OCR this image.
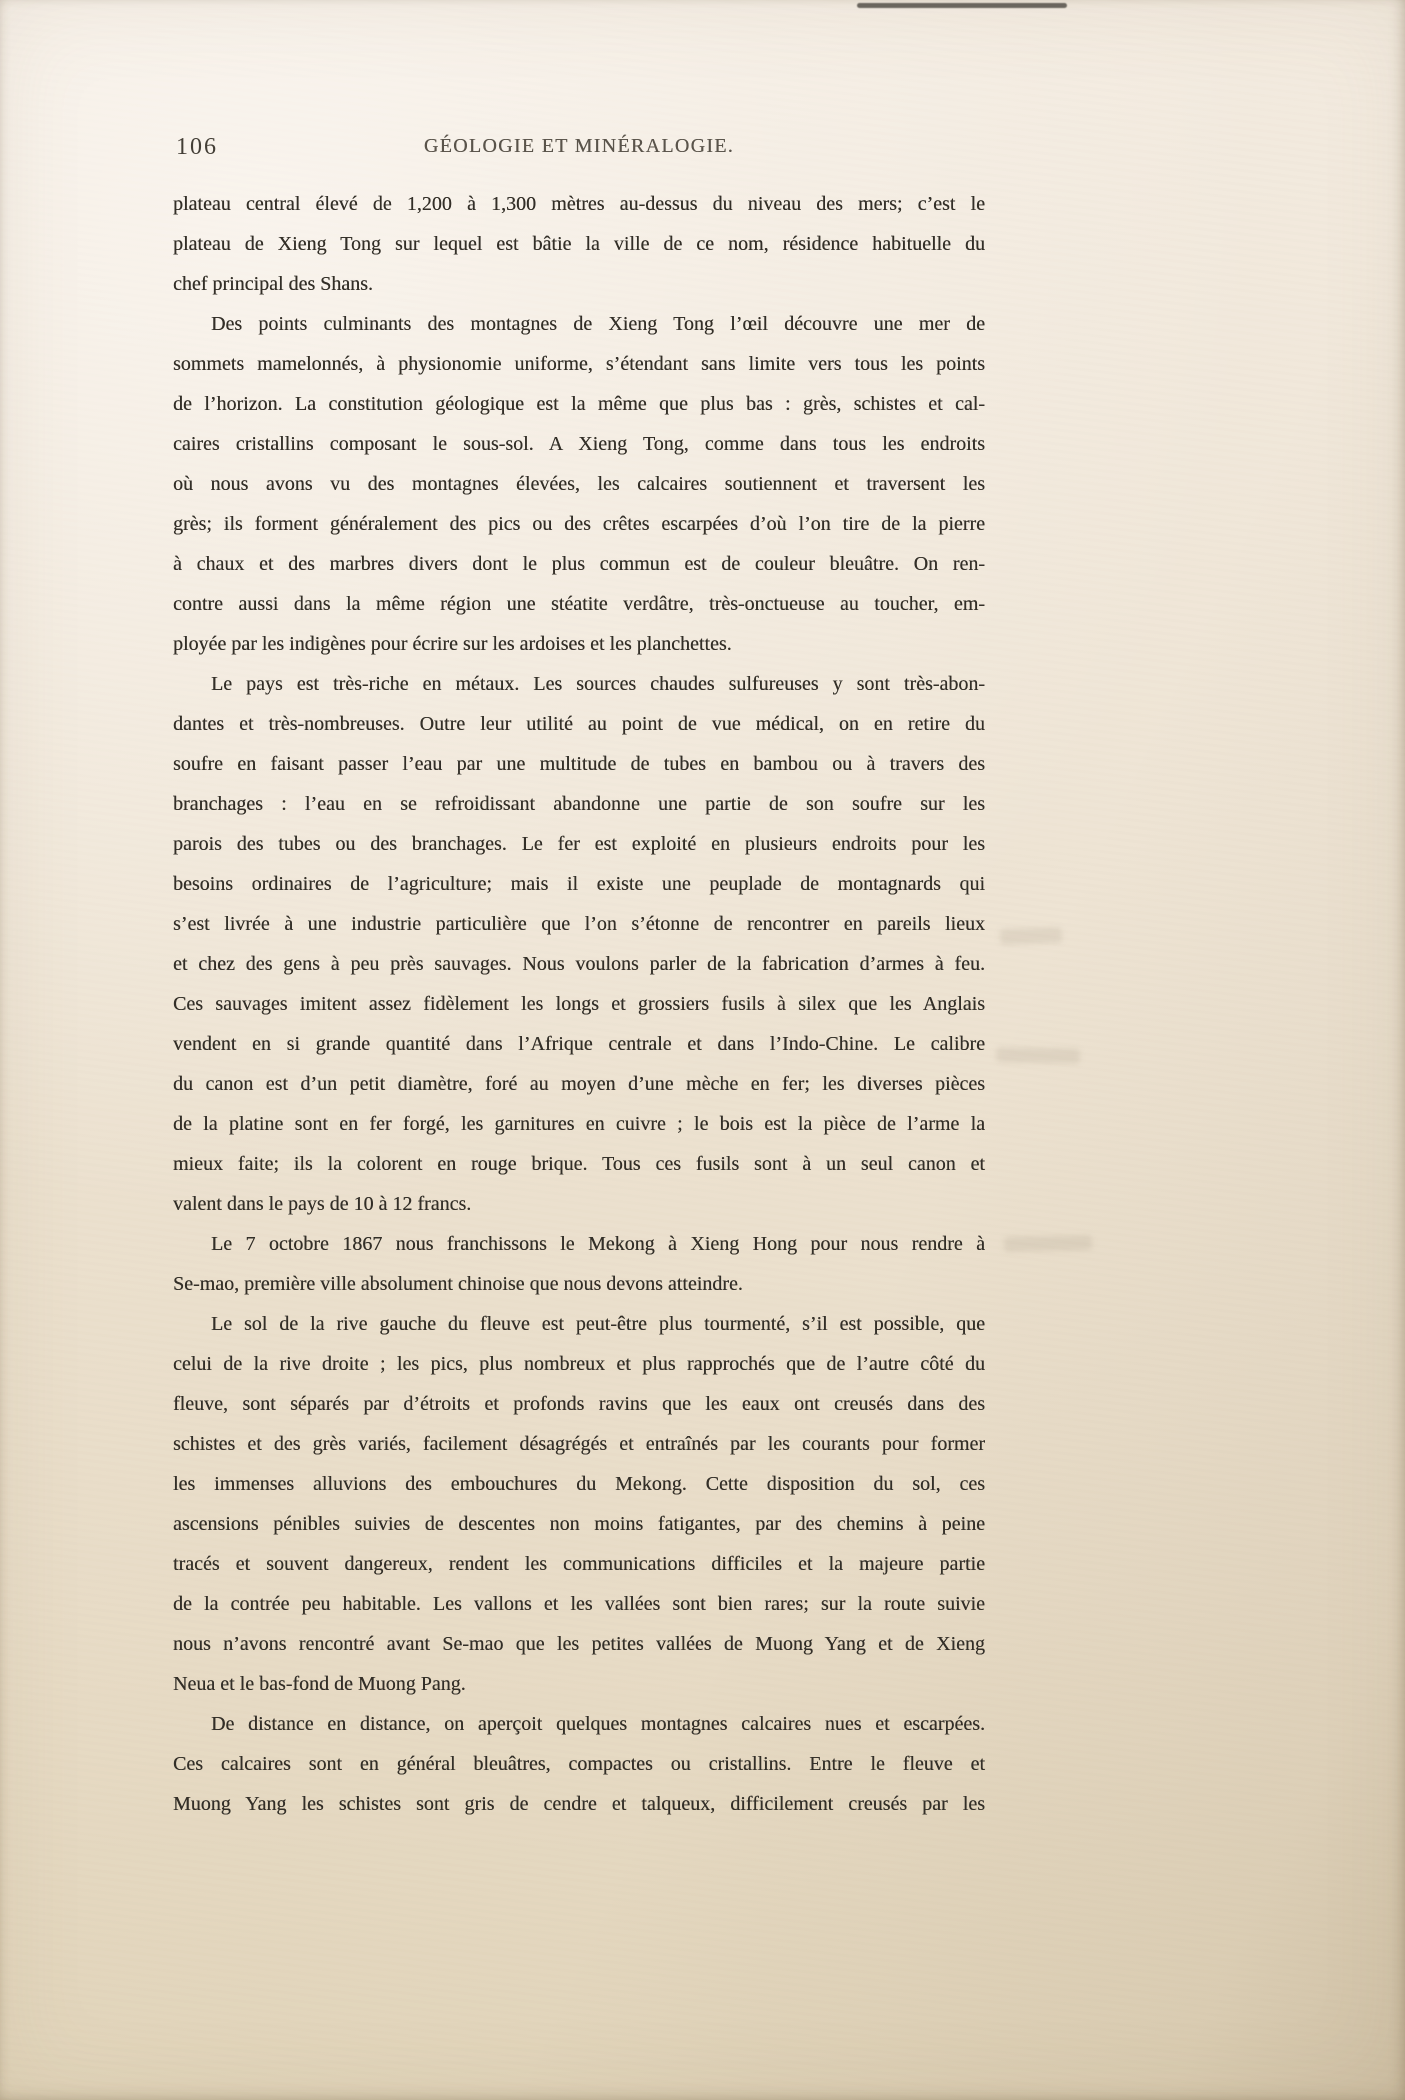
106	GÉOLOGIE ET MINÉRALOGIE.
plateau central élevé de 1,200 à 1,300 mètres au-dessus du niveau des mers; c’est le
plateau de Xieng Tong sur lequel est bâtie la ville de ce nom, résidence habituelle du
chef principal des Shans.
Des points culminants des montagnes de Xieng Tong l’œil découvre une mer de
sommets mamelonnés, à physionomie uniforme, s’étendant sans limite vers tous les points
de l’horizon. La constitution géologique est la même que plus bas : grès, schistes et cal-
caires cristallins composant le sous-sol. A Xieng Tong, comme dans tous les endroits
où nous avons vu des montagnes élevées, les calcaires soutiennent et traversent les
grès; ils forment généralement des pics ou des crêtes escarpées d’où l’on tire de la pierre
à chaux et des marbres divers dont le plus commun est de couleur bleuâtre. On ren-
contre aussi dans la même région une stéatite verdâtre, très-onctueuse au toucher, em-
ployée par les indigènes pour écrire sur les ardoises et les planchettes.
Le pays est très-riche en métaux. Les sources chaudes sulfureuses y sont très-abon-
dantes et très-nombreuses. Outre leur utilité au point de vue médical, on en retire du
soufre en faisant passer l’eau par une multitude de tubes en bambou ou à travers des
branchages : l’eau en se refroidissant abandonne une partie de son soufre sur les
parois des tubes ou des branchages. Le fer est exploité en plusieurs endroits pour les
besoins ordinaires de l’agriculture; mais il existe une peuplade de montagnards qui
s’est livrée à une industrie particulière que l’on s’étonne de rencontrer en pareils lieux
et chez des gens à peu près sauvages. Nous voulons parler de la fabrication d’armes à feu.
Ces sauvages imitent assez fidèlement les longs et grossiers fusils à silex que les Anglais
vendent en si grande quantité dans l’Afrique centrale et dans l’Indo-Chine. Le calibre
du canon est d’un petit diamètre, foré au moyen d’une mèche en fer; les diverses pièces
de la platine sont en fer forgé, les garnitures en cuivre ; le bois est la pièce de l’arme la
mieux faite; ils la colorent en rouge brique. Tous ces fusils sont à un seul canon et
valent dans le pays de 10 à 12 francs.
Le 7 octobre 1867 nous franchissons le Mekong à Xieng Hong pour nous rendre à
Se-mao, première ville absolument chinoise que nous devons atteindre.
Le sol de la rive gauche du fleuve est peut-être plus tourmenté, s’il est possible, que
celui de la rive droite ; les pics, plus nombreux et plus rapprochés que de l’autre côté du
fleuve, sont séparés par d’étroits et profonds ravins que les eaux ont creusés dans des
schistes et des grès variés, facilement désagrégés et entraînés par les courants pour former
les immenses alluvions des embouchures du Mekong. Cette disposition du sol, ces
ascensions pénibles suivies de descentes non moins fatigantes, par des chemins à peine
tracés et souvent dangereux, rendent les communications difficiles et la majeure partie
de la contrée peu habitable. Les vallons et les vallées sont bien rares; sur la route suivie
nous n’avons rencontré avant Se-mao que les petites vallées de Muong Yang et de Xieng
Neua et le bas-fond de Muong Pang.
De distance en distance, on aperçoit quelques montagnes calcaires nues et escarpées.
Ces calcaires sont en général bleuâtres, compactes ou cristallins. Entre le fleuve et
Muong Yang les schistes sont gris de cendre et talqueux, difficilement creusés par les
